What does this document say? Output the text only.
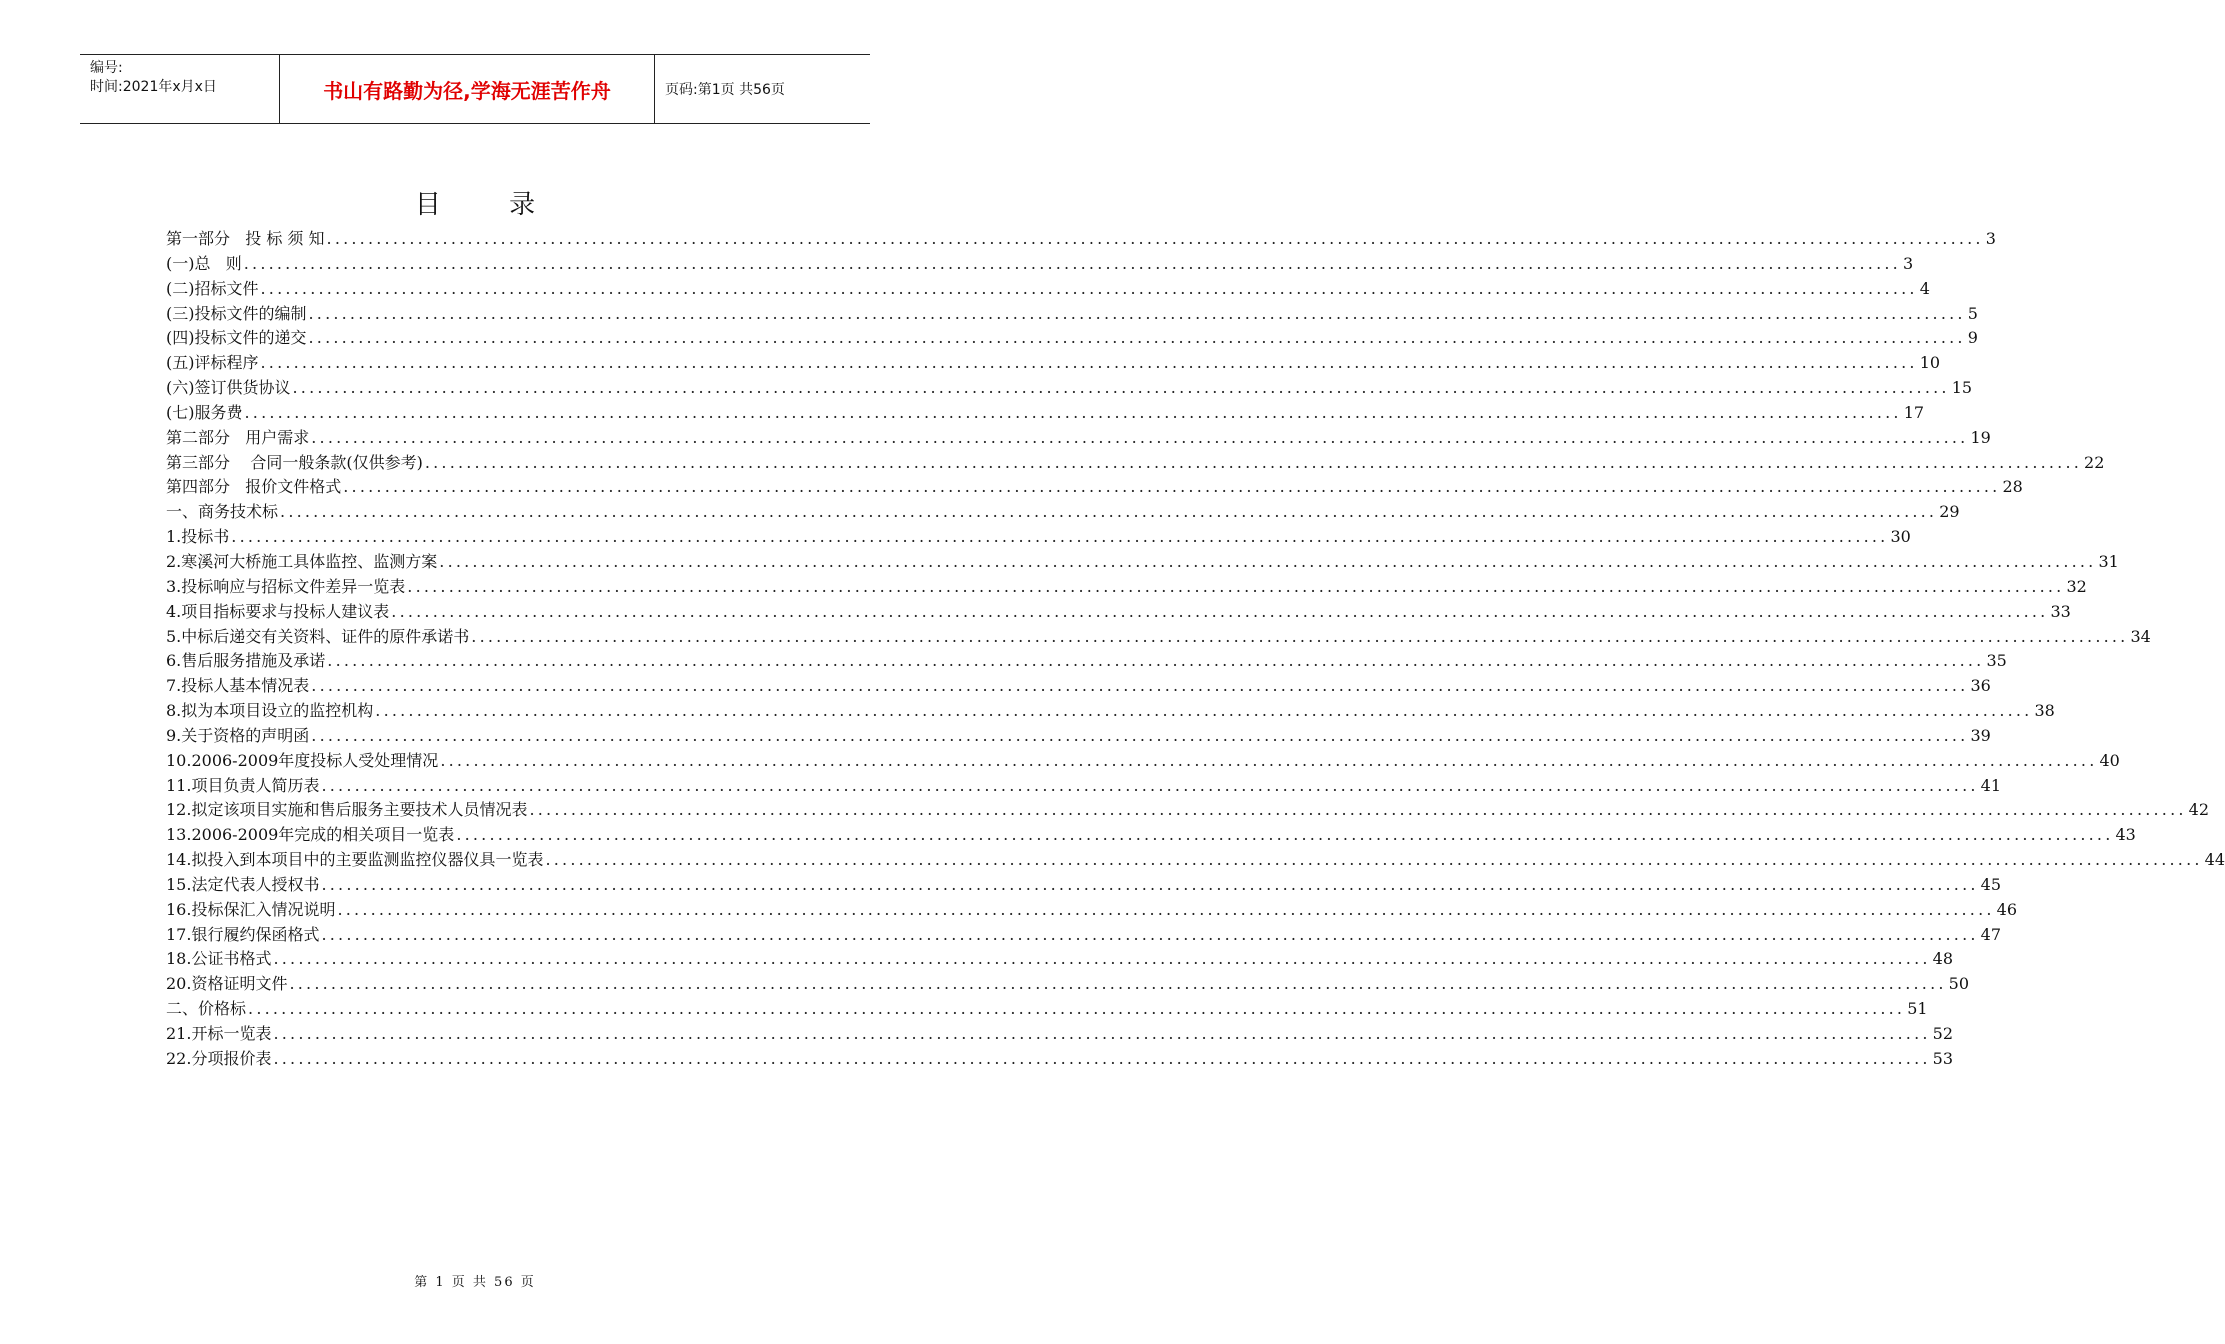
编号:
时间:2021年x月x日	书山有路勤为径,学海无涯苦作舟	页码:第1页 共56页
目 录
第一部分   投 标 须 知 ........................................................................................................................................................................................................ 3
(一)总   则 ........................................................................................................................................................................................................ 3
(二)招标文件 ........................................................................................................................................................................................................ 4
(三)投标文件的编制 ........................................................................................................................................................................................................ 5
(四)投标文件的递交 ........................................................................................................................................................................................................ 9
(五)评标程序 ........................................................................................................................................................................................................ 10
(六)签订供货协议 ........................................................................................................................................................................................................ 15
(七)服务费 ........................................................................................................................................................................................................ 17
第二部分   用户需求 ........................................................................................................................................................................................................ 19
第三部分    合同一般条款(仅供参考) ........................................................................................................................................................................................................ 22
第四部分   报价文件格式 ........................................................................................................................................................................................................ 28
一、 商务技术标 ........................................................................................................................................................................................................ 29
1. 投标书 ........................................................................................................................................................................................................ 30
2. 寒溪河大桥施工具体监控、监测方案 ........................................................................................................................................................................................................ 31
3. 投标响应与招标文件差异一览表 ........................................................................................................................................................................................................ 32
4. 项目指标要求与投标人建议表 ........................................................................................................................................................................................................ 33
5. 中标后递交有关资料、证件的原件承诺书 ........................................................................................................................................................................................................ 34
6. 售后服务措施及承诺 ........................................................................................................................................................................................................ 35
7. 投标人基本情况表 ........................................................................................................................................................................................................ 36
8. 拟为本项目设立的监控机构 ........................................................................................................................................................................................................ 38
9. 关于资格的声明函 ........................................................................................................................................................................................................ 39
10. 2006-2009年度投标人受处理情况 ........................................................................................................................................................................................................ 40
11. 项目负责人简历表 ........................................................................................................................................................................................................ 41
12. 拟定该项目实施和售后服务主要技术人员情况表 ........................................................................................................................................................................................................ 42
13. 2006-2009年完成的相关项目一览表 ........................................................................................................................................................................................................ 43
14. 拟投入到本项目中的主要监测监控仪器仪具一览表 ........................................................................................................................................................................................................ 44
15. 法定代表人授权书 ........................................................................................................................................................................................................ 45
16. 投标保汇入情况说明 ........................................................................................................................................................................................................ 46
17. 银行履约保函格式 ........................................................................................................................................................................................................ 47
18. 公证书格式 ........................................................................................................................................................................................................ 48
20. 资格证明文件 ........................................................................................................................................................................................................ 50
二、 价格标 ........................................................................................................................................................................................................ 51
21. 开标一览表 ........................................................................................................................................................................................................ 52
22. 分项报价表 ........................................................................................................................................................................................................ 53
第 1 页 共 56 页
